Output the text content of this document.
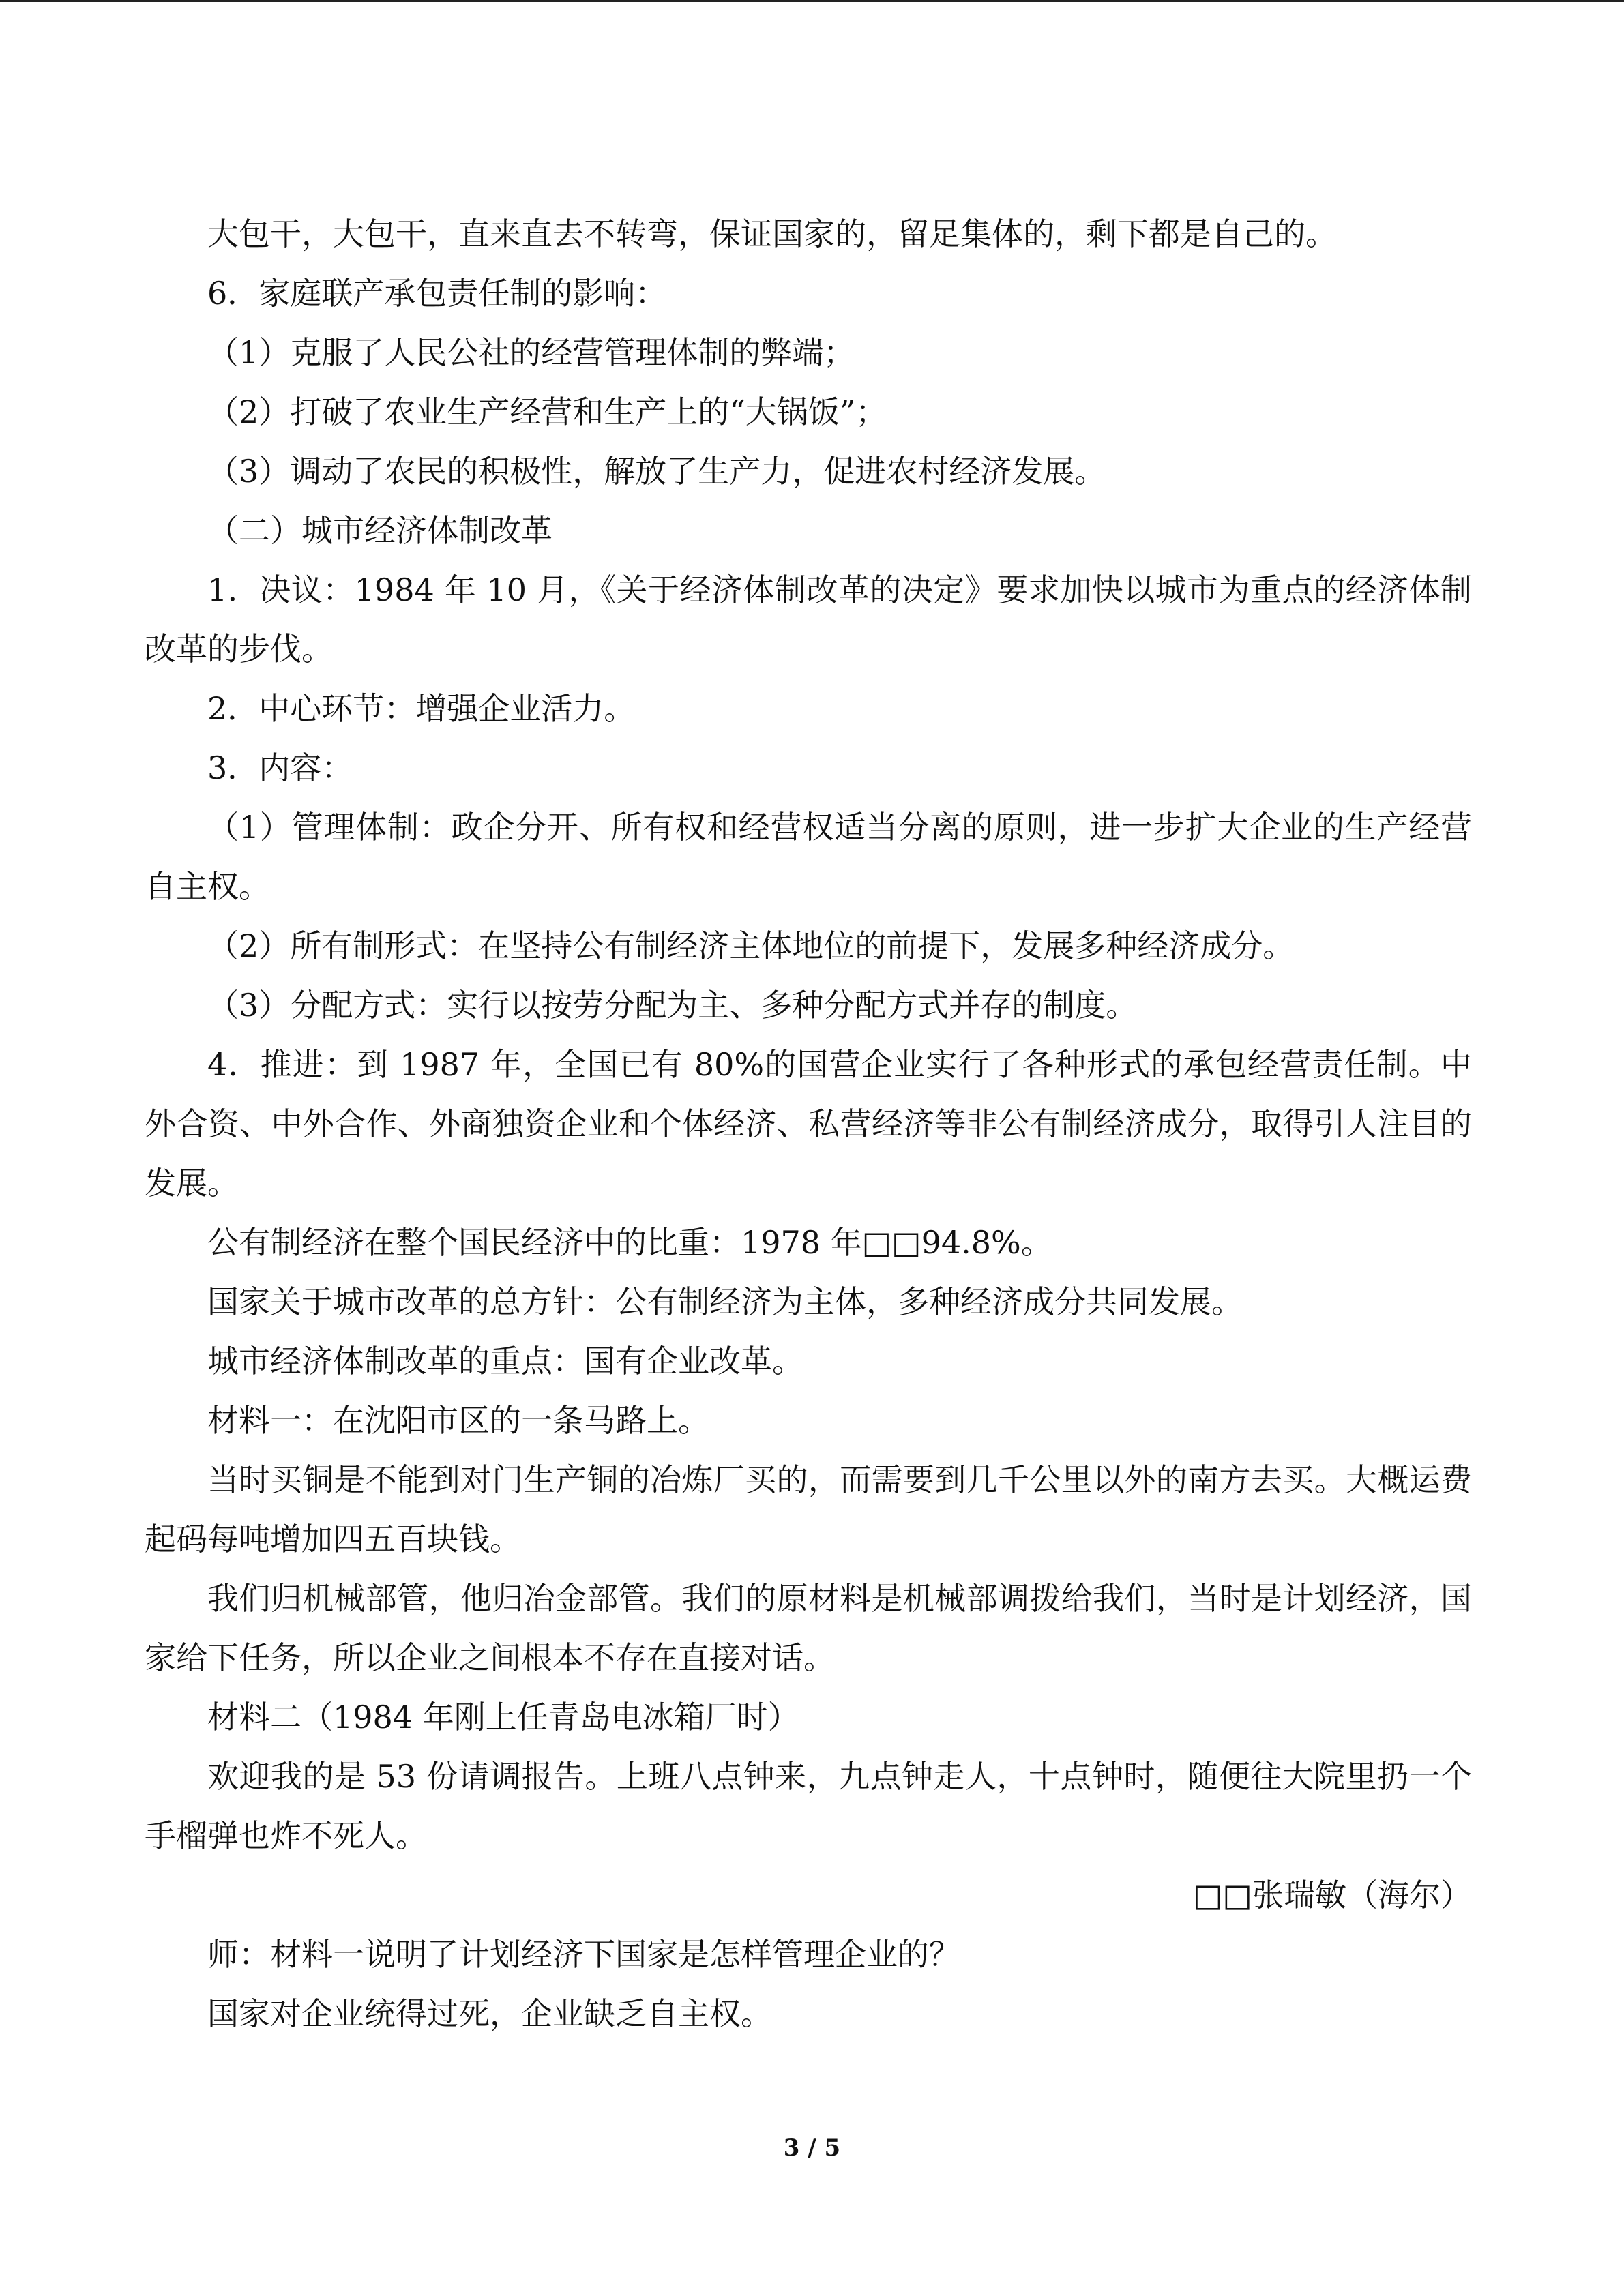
大包干，大包干，直来直去不转弯，保证国家的，留足集体的，剩下都是自己的。

6．家庭联产承包责任制的影响：

（1）克服了人民公社的经营管理体制的弊端；

（2）打破了农业生产经营和生产上的“大锅饭”；

（3）调动了农民的积极性，解放了生产力，促进农村经济发展。

（二）城市经济体制改革

1．决议：1984 年 10 月，《关于经济体制改革的决定》要求加快以城市为重点的经济体制改革的步伐。

2．中心环节：增强企业活力。

3．内容：

（1）管理体制：政企分开、所有权和经营权适当分离的原则，进一步扩大企业的生产经营自主权。

（2）所有制形式：在坚持公有制经济主体地位的前提下，发展多种经济成分。

（3）分配方式：实行以按劳分配为主、多种分配方式并存的制度。

4．推进：到 1987 年，全国已有 80%的国营企业实行了各种形式的承包经营责任制。中外合资、中外合作、外商独资企业和个体经济、私营经济等非公有制经济成分，取得引人注目的发展。

公有制经济在整个国民经济中的比重：1978 年□□94.8%。

国家关于城市改革的总方针：公有制经济为主体，多种经济成分共同发展。

城市经济体制改革的重点：国有企业改革。

材料一：在沈阳市区的一条马路上。

当时买铜是不能到对门生产铜的冶炼厂买的，而需要到几千公里以外的南方去买。大概运费起码每吨增加四五百块钱。

我们归机械部管，他归冶金部管。我们的原材料是机械部调拨给我们，当时是计划经济，国家给下任务，所以企业之间根本不存在直接对话。

材料二（1984 年刚上任青岛电冰箱厂时）

欢迎我的是 53 份请调报告。上班八点钟来，九点钟走人，十点钟时，随便往大院里扔一个手榴弹也炸不死人。

□□张瑞敏（海尔）

师：材料一说明了计划经济下国家是怎样管理企业的？

国家对企业统得过死，企业缺乏自主权。

3 / 5
